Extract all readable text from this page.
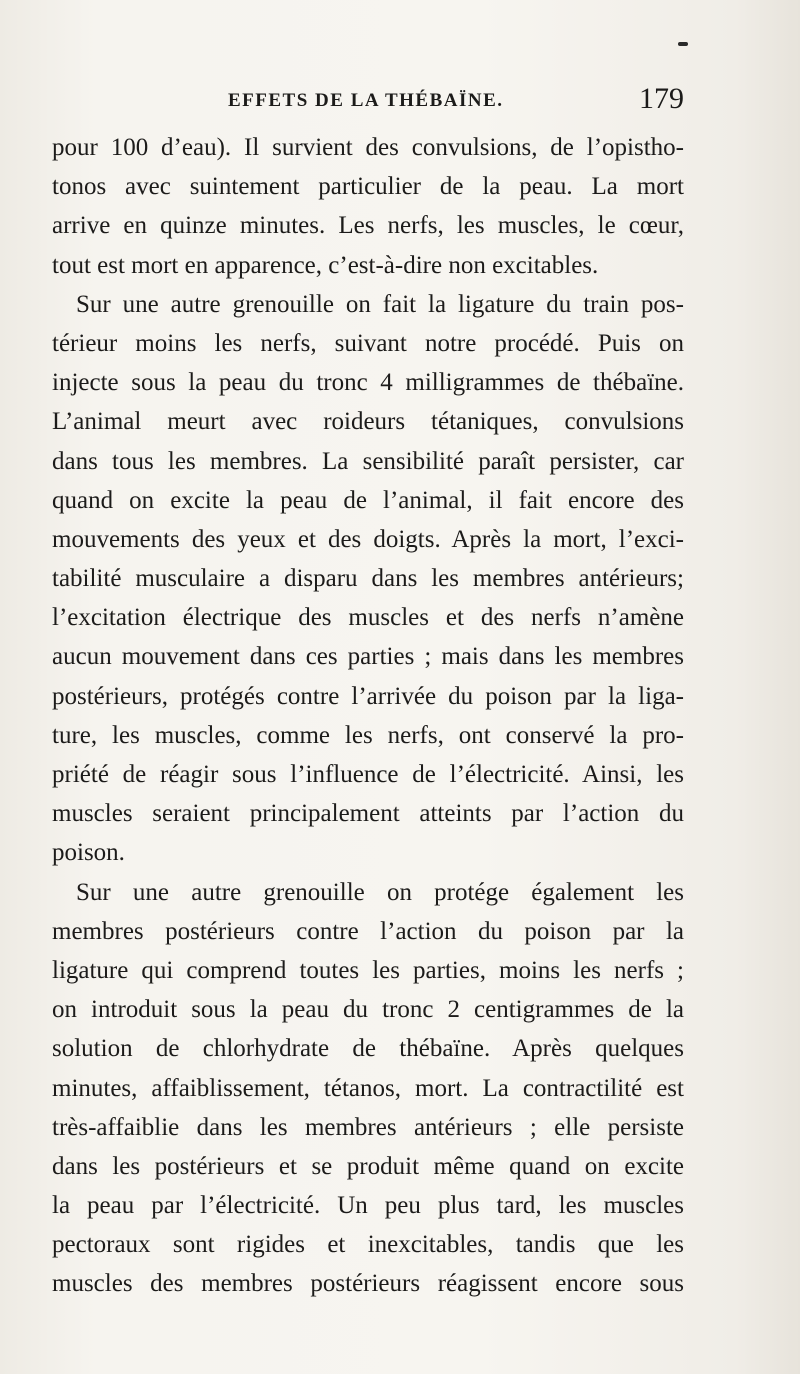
EFFETS DE LA THÉBAÏNE.	179
pour 100 d’eau). Il survient des convulsions, de l’opistho-
tonos avec suintement particulier de la peau. La mort
arrive en quinze minutes. Les nerfs, les muscles, le cœur,
tout est mort en apparence, c’est-à-dire non excitables.
Sur une autre grenouille on fait la ligature du train pos-
térieur moins les nerfs, suivant notre procédé. Puis on
injecte sous la peau du tronc 4 milligrammes de thébaïne.
L’animal meurt avec roideurs tétaniques, convulsions
dans tous les membres. La sensibilité paraît persister, car
quand on excite la peau de l’animal, il fait encore des
mouvements des yeux et des doigts. Après la mort, l’exci-
tabilité musculaire a disparu dans les membres antérieurs;
l’excitation électrique des muscles et des nerfs n’amène
aucun mouvement dans ces parties ; mais dans les membres
postérieurs, protégés contre l’arrivée du poison par la liga-
ture, les muscles, comme les nerfs, ont conservé la pro-
priété de réagir sous l’influence de l’électricité. Ainsi, les
muscles seraient principalement atteints par l’action du
poison.
Sur une autre grenouille on protége également les
membres postérieurs contre l’action du poison par la
ligature qui comprend toutes les parties, moins les nerfs ;
on introduit sous la peau du tronc 2 centigrammes de la
solution de chlorhydrate de thébaïne. Après quelques
minutes, affaiblissement, tétanos, mort. La contractilité est
très-affaiblie dans les membres antérieurs ; elle persiste
dans les postérieurs et se produit même quand on excite
la peau par l’électricité. Un peu plus tard, les muscles
pectoraux sont rigides et inexcitables, tandis que les
muscles des membres postérieurs réagissent encore sous
